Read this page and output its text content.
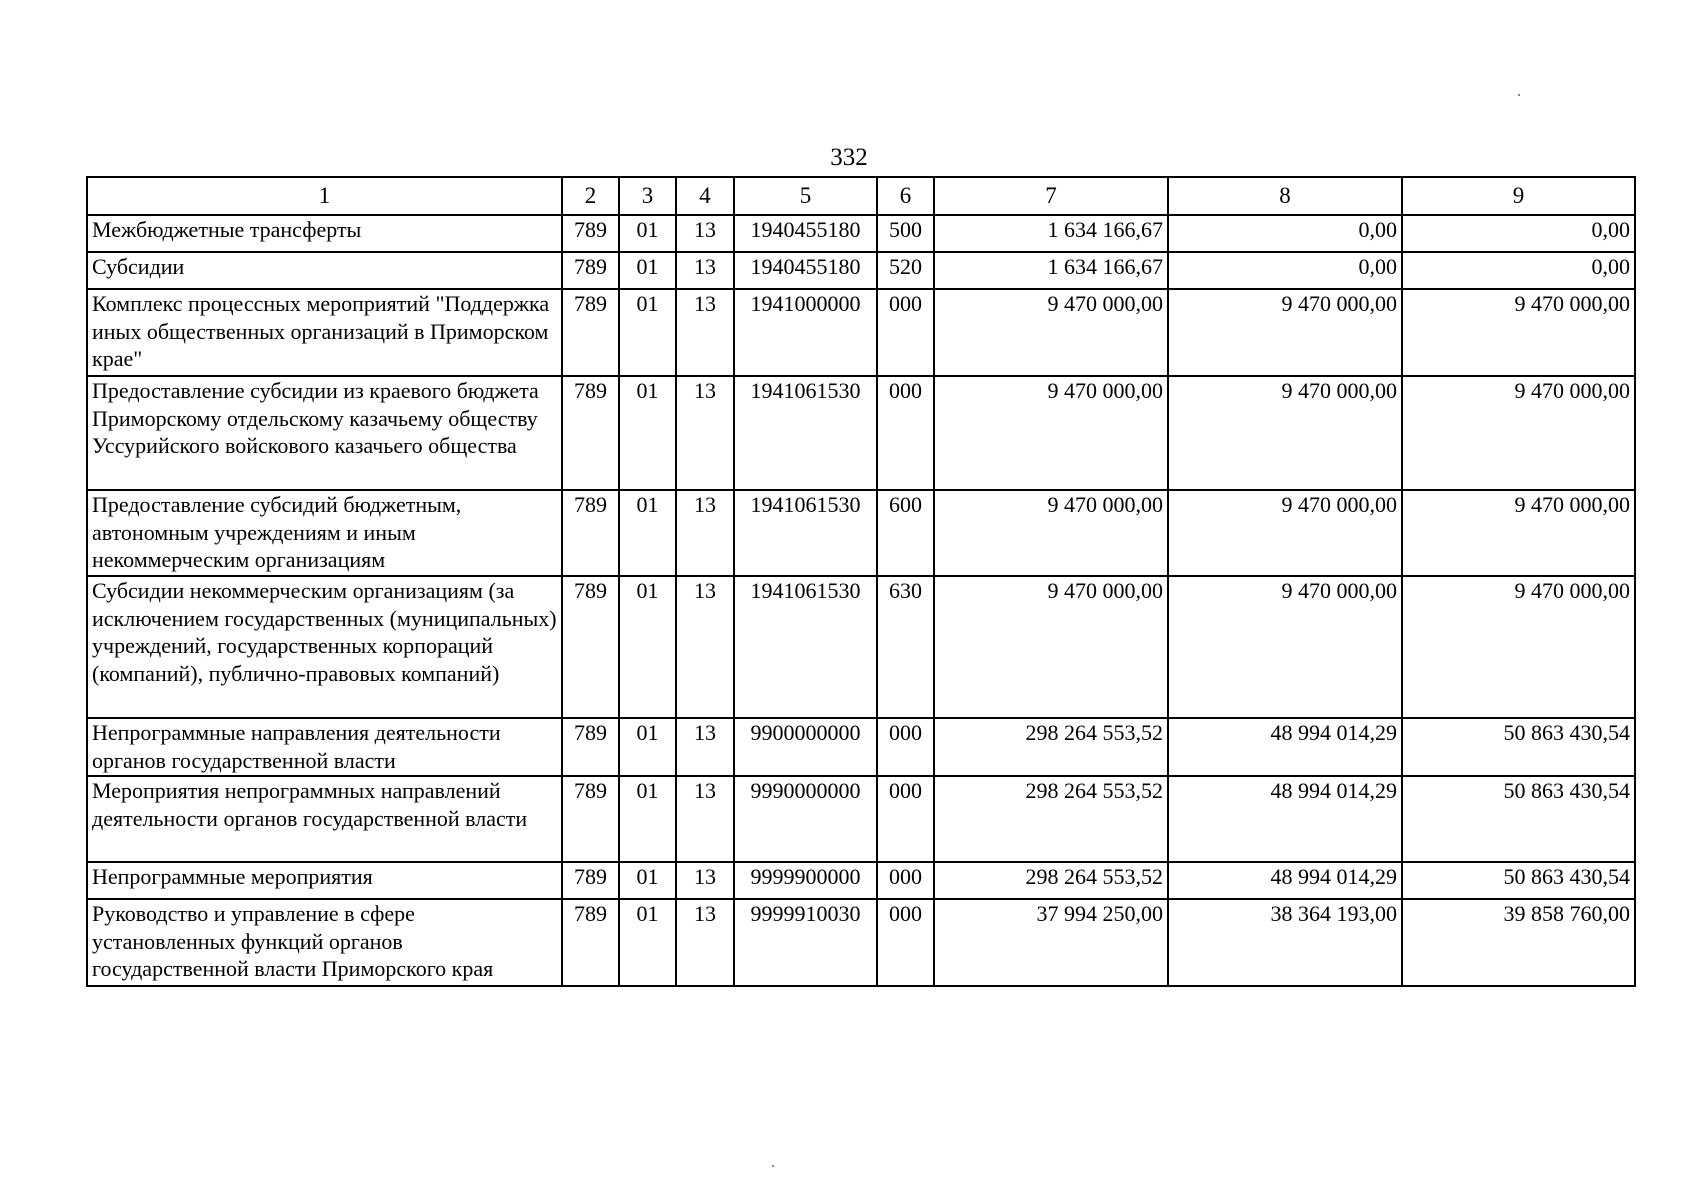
332
1	2	3	4	5	6	7	8	9
Межбюджетные трансферты	789	01	13	1940455180	500	1 634 166,67	0,00	0,00
Субсидии	789	01	13	1940455180	520	1 634 166,67	0,00	0,00
Комплекс процессных мероприятий "Поддержка иных общественных организаций в Приморском крае"	789	01	13	1941000000	000	9 470 000,00	9 470 000,00	9 470 000,00
Предоставление субсидии из краевого бюджета Приморскому отдельскому казачьему обществу Уссурийского войскового казачьего общества	789	01	13	1941061530	000	9 470 000,00	9 470 000,00	9 470 000,00
Предоставление субсидий бюджетным, автономным учреждениям и иным некоммерческим организациям	789	01	13	1941061530	600	9 470 000,00	9 470 000,00	9 470 000,00
Субсидии некоммерческим организациям (за исключением государственных (муниципальных) учреждений, государственных корпораций (компаний), публично-правовых компаний)	789	01	13	1941061530	630	9 470 000,00	9 470 000,00	9 470 000,00
Непрограммные направления деятельности органов государственной власти	789	01	13	9900000000	000	298 264 553,52	48 994 014,29	50 863 430,54
Мероприятия непрограммных направлений деятельности органов государственной власти	789	01	13	9990000000	000	298 264 553,52	48 994 014,29	50 863 430,54
Непрограммные мероприятия	789	01	13	9999900000	000	298 264 553,52	48 994 014,29	50 863 430,54
Руководство и управление в сфере установленных функций органов государственной власти Приморского края	789	01	13	9999910030	000	37 994 250,00	38 364 193,00	39 858 760,00
